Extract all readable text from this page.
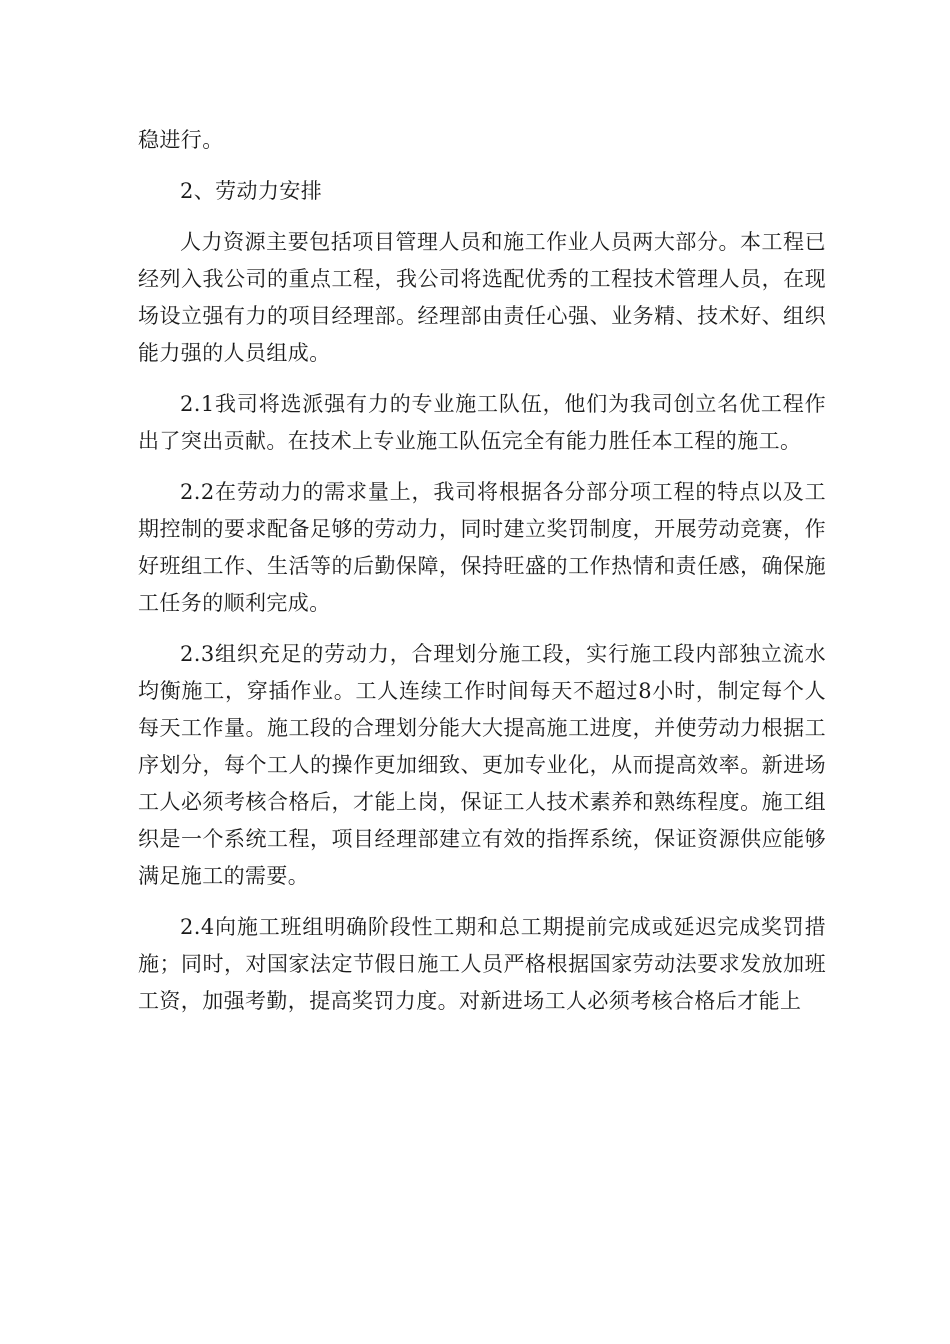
稳进行。

2、劳动力安排

人力资源主要包括项目管理人员和施工作业人员两大部分。本工程已经列入我公司的重点工程，我公司将选配优秀的工程技术管理人员，在现场设立强有力的项目经理部。经理部由责任心强、业务精、技术好、组织能力强的人员组成。

2.1我司将选派强有力的专业施工队伍，他们为我司创立名优工程作出了突出贡献。在技术上专业施工队伍完全有能力胜任本工程的施工。

2.2在劳动力的需求量上，我司将根据各分部分项工程的特点以及工期控制的要求配备足够的劳动力，同时建立奖罚制度，开展劳动竞赛，作好班组工作、生活等的后勤保障，保持旺盛的工作热情和责任感，确保施工任务的顺利完成。

2.3组织充足的劳动力，合理划分施工段，实行施工段内部独立流水均衡施工，穿插作业。工人连续工作时间每天不超过8小时，制定每个人每天工作量。施工段的合理划分能大大提高施工进度，并使劳动力根据工序划分，每个工人的操作更加细致、更加专业化，从而提高效率。新进场工人必须考核合格后，才能上岗，保证工人技术素养和熟练程度。施工组织是一个系统工程，项目经理部建立有效的指挥系统，保证资源供应能够满足施工的需要。

2.4向施工班组明确阶段性工期和总工期提前完成或延迟完成奖罚措施；同时，对国家法定节假日施工人员严格根据国家劳动法要求发放加班工资，加强考勤，提高奖罚力度。对新进场工人必须考核合格后才能上
